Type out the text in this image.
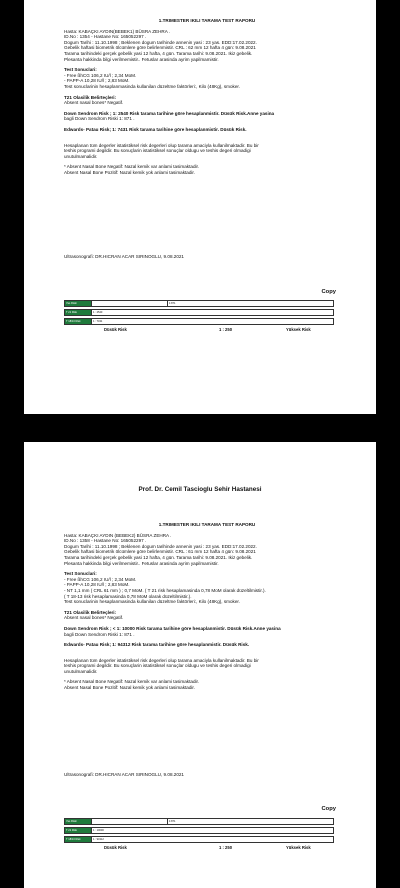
1.TRIMESTER IKILI TARAMA TEST RAPORU
Hasta: KABAÇKI AYDIN(BEBEK1) BÜSRA ZEHRA .
ID.No : 1354 - Hastane No: 165052297 .
Dogum Tarihi : 11.10.1998 ; Beklenen dogum tarihinde annenin yasi : 23 yas. EDD:17.02.2022.
Gebelik haftasi biometrik ölcümlere göre belirlenmistir. CRL : 62 mm 12 hafta 4 gün: 9.08.2021
Tarama tarihindeki gerçek gebelik yasi 12 hafta, 4 gün. Tarama tarihi: 9.08.2021. Ikiz gebelik.
Plesanta hakkinda bilgi verilmemistir.. Fetuslar arasinda ayrim yapilmamistir.
Test Sonuclari:
- Free ßhCG 106,2 IU/l ; 2,34 MoM.
- PAPP-A 10,28 IU/l ; 2,83 MoM.
Test sonuclarinin hesaplanmasinda kullanilan düzeltme faktörleri:, Kilo (48Kg), smoker.
T21 Olasilik Belirteçleri:
Absent nasal bones* Negatif.
Down Sendrom Risk ; 1: 2540 Risk tarama tarihine göre hesaplanmistir. Düsük Risk.Anne yasina
bagli Down Sendrom Riski 1: 871 .
Edwards- Patau Risk; 1: 7431 Risk tarama tarihine göre hesaplanmistir. Düsük Risk.
Hesaplanan tüm degerler istatistiksel risk degerleri olup tarama amaciyla kullanilmaktadir. Bu bir
teshis programi degildir. Bu sonuçlarin istatistiksel sonuçlar oldugu ve teshis degeri olmadigi
unutulmamalidir.
* Absent Nasal Bone Negatif: Nazal kemik var anlami tasimaktadir.
Absent Nasal Bone Pozitif: Nazal kemik yok anlami tasimaktadir.
Ultrasonografi: DR.HICRAN ACAR SIRINOGLU, 9.08.2021
Copy
Yas Riski	1:871
T 21 Risk	1 : 2540
T 18/13 Risk	1 : 7431
Düsük Risk	1 : 250	Yüksek Risk
Prof. Dr. Cemil Tascioglu Sehir Hastanesi
1.TRIMESTER IKILI TARAMA TEST RAPORU
Hasta: KABAÇKI AYDIN (BEBEK2) BÜSRA ZEHRA .
ID.No : 1358 - Hastane No: 165052297 .
Dogum Tarihi : 11.10.1998 ; Beklenen dogum tarihinde annenin yasi : 23 yas. EDD:17.02.2022.
Gebelik haftasi biometrik ölcümlere göre belirlenmistir. CRL : 61 mm 12 hafta 4 gün: 9.08.2021
Tarama tarihindeki gerçek gebelik yasi 12 hafta, 4 gün. Tarama tarihi: 9.08.2021. Ikiz gebelik.
Plesanta hakkinda bilgi verilmemistir.. Fetuslar arasinda ayrim yapilmamistir.
Test Sonuclari:
- Free ßhCG 106,2 IU/l ; 2,34 MoM.
- PAPP-A 10,28 IU/l ; 2,83 MoM.
- NT 1,1 mm ( CRL 61 mm ) ; 0,7 MoM. ( T 21 risk hesaplamasinda 0,78 MoM olarak düzeltilmistir.).
( T 18-13 risk hesaplamasinda 0,78 MoM olarak düzeltilmistir.).
Test sonuclarinin hesaplanmasinda kullanilan düzeltme faktörleri:, Kilo (48Kg), smoker.
T21 Olasilik Belirteçleri:
Absent nasal bones* Negatif.
Down Sendrom Risk ; < 1: 10000 Risk tarama tarihine göre hesaplanmistir. Düsük Risk.Anne yasina
bagli Down Sendrom Riski 1: 871 .
Edwards- Patau Risk; 1: 94312 Risk tarama tarihine göre hesaplanmistir. Düsük Risk.
Hesaplanan tüm degerler istatistiksel risk degerleri olup tarama amaciyla kullanilmaktadir. Bu bir
teshis programi degildir. Bu sonuçlarin istatistiksel sonuçlar oldugu ve teshis degeri olmadigi
unutulmamalidir.
* Absent Nasal Bone Negatif: Nazal kemik var anlami tasimaktadir.
Absent Nasal Bone Pozitif: Nazal kemik yok anlami tasimaktadir.
Ultrasonografi: DR.HICRAN ACAR SIRINOGLU, 9.08.2021
Copy
Yas Riski	1:871
T 21 Risk	1 : 10000
T 18/13 Risk	1 : 94312
Düsük Risk	1 : 250	Yüksek Risk
